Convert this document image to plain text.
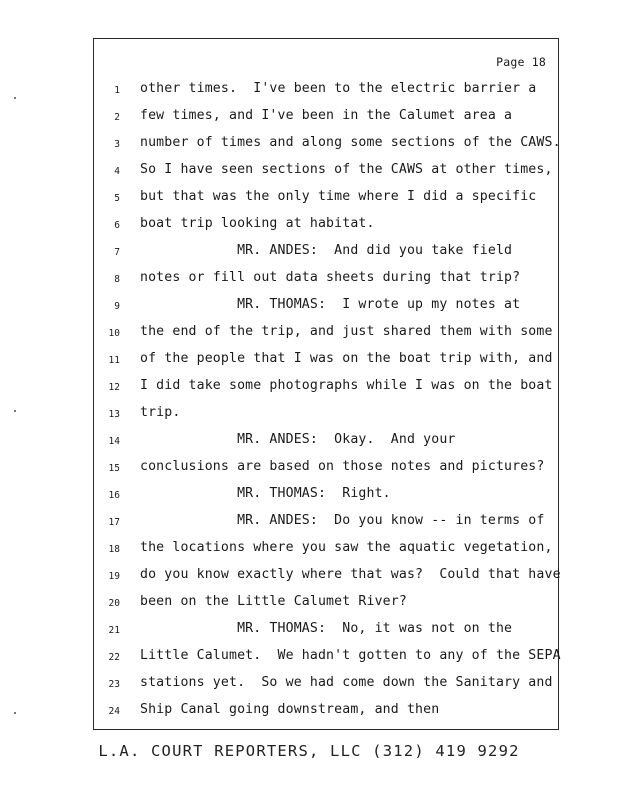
Page 18
1 other times.  I've been to the electric barrier a
2 few times, and I've been in the Calumet area a
3 number of times and along some sections of the CAWS.
4 So I have seen sections of the CAWS at other times,
5 but that was the only time where I did a specific
6 boat trip looking at habitat.
7 MR. ANDES:  And did you take field
8 notes or fill out data sheets during that trip?
9 MR. THOMAS:  I wrote up my notes at
10 the end of the trip, and just shared them with some
11 of the people that I was on the boat trip with, and
12 I did take some photographs while I was on the boat
13 trip.
14 MR. ANDES:  Okay.  And your
15 conclusions are based on those notes and pictures?
16 MR. THOMAS:  Right.
17 MR. ANDES:  Do you know -- in terms of
18 the locations where you saw the aquatic vegetation,
19 do you know exactly where that was?  Could that have
20 been on the Little Calumet River?
21 MR. THOMAS:  No, it was not on the
22 Little Calumet.  We hadn't gotten to any of the SEPA
23 stations yet.  So we had come down the Sanitary and
24 Ship Canal going downstream, and then
L.A. COURT REPORTERS, LLC (312) 419 9292
